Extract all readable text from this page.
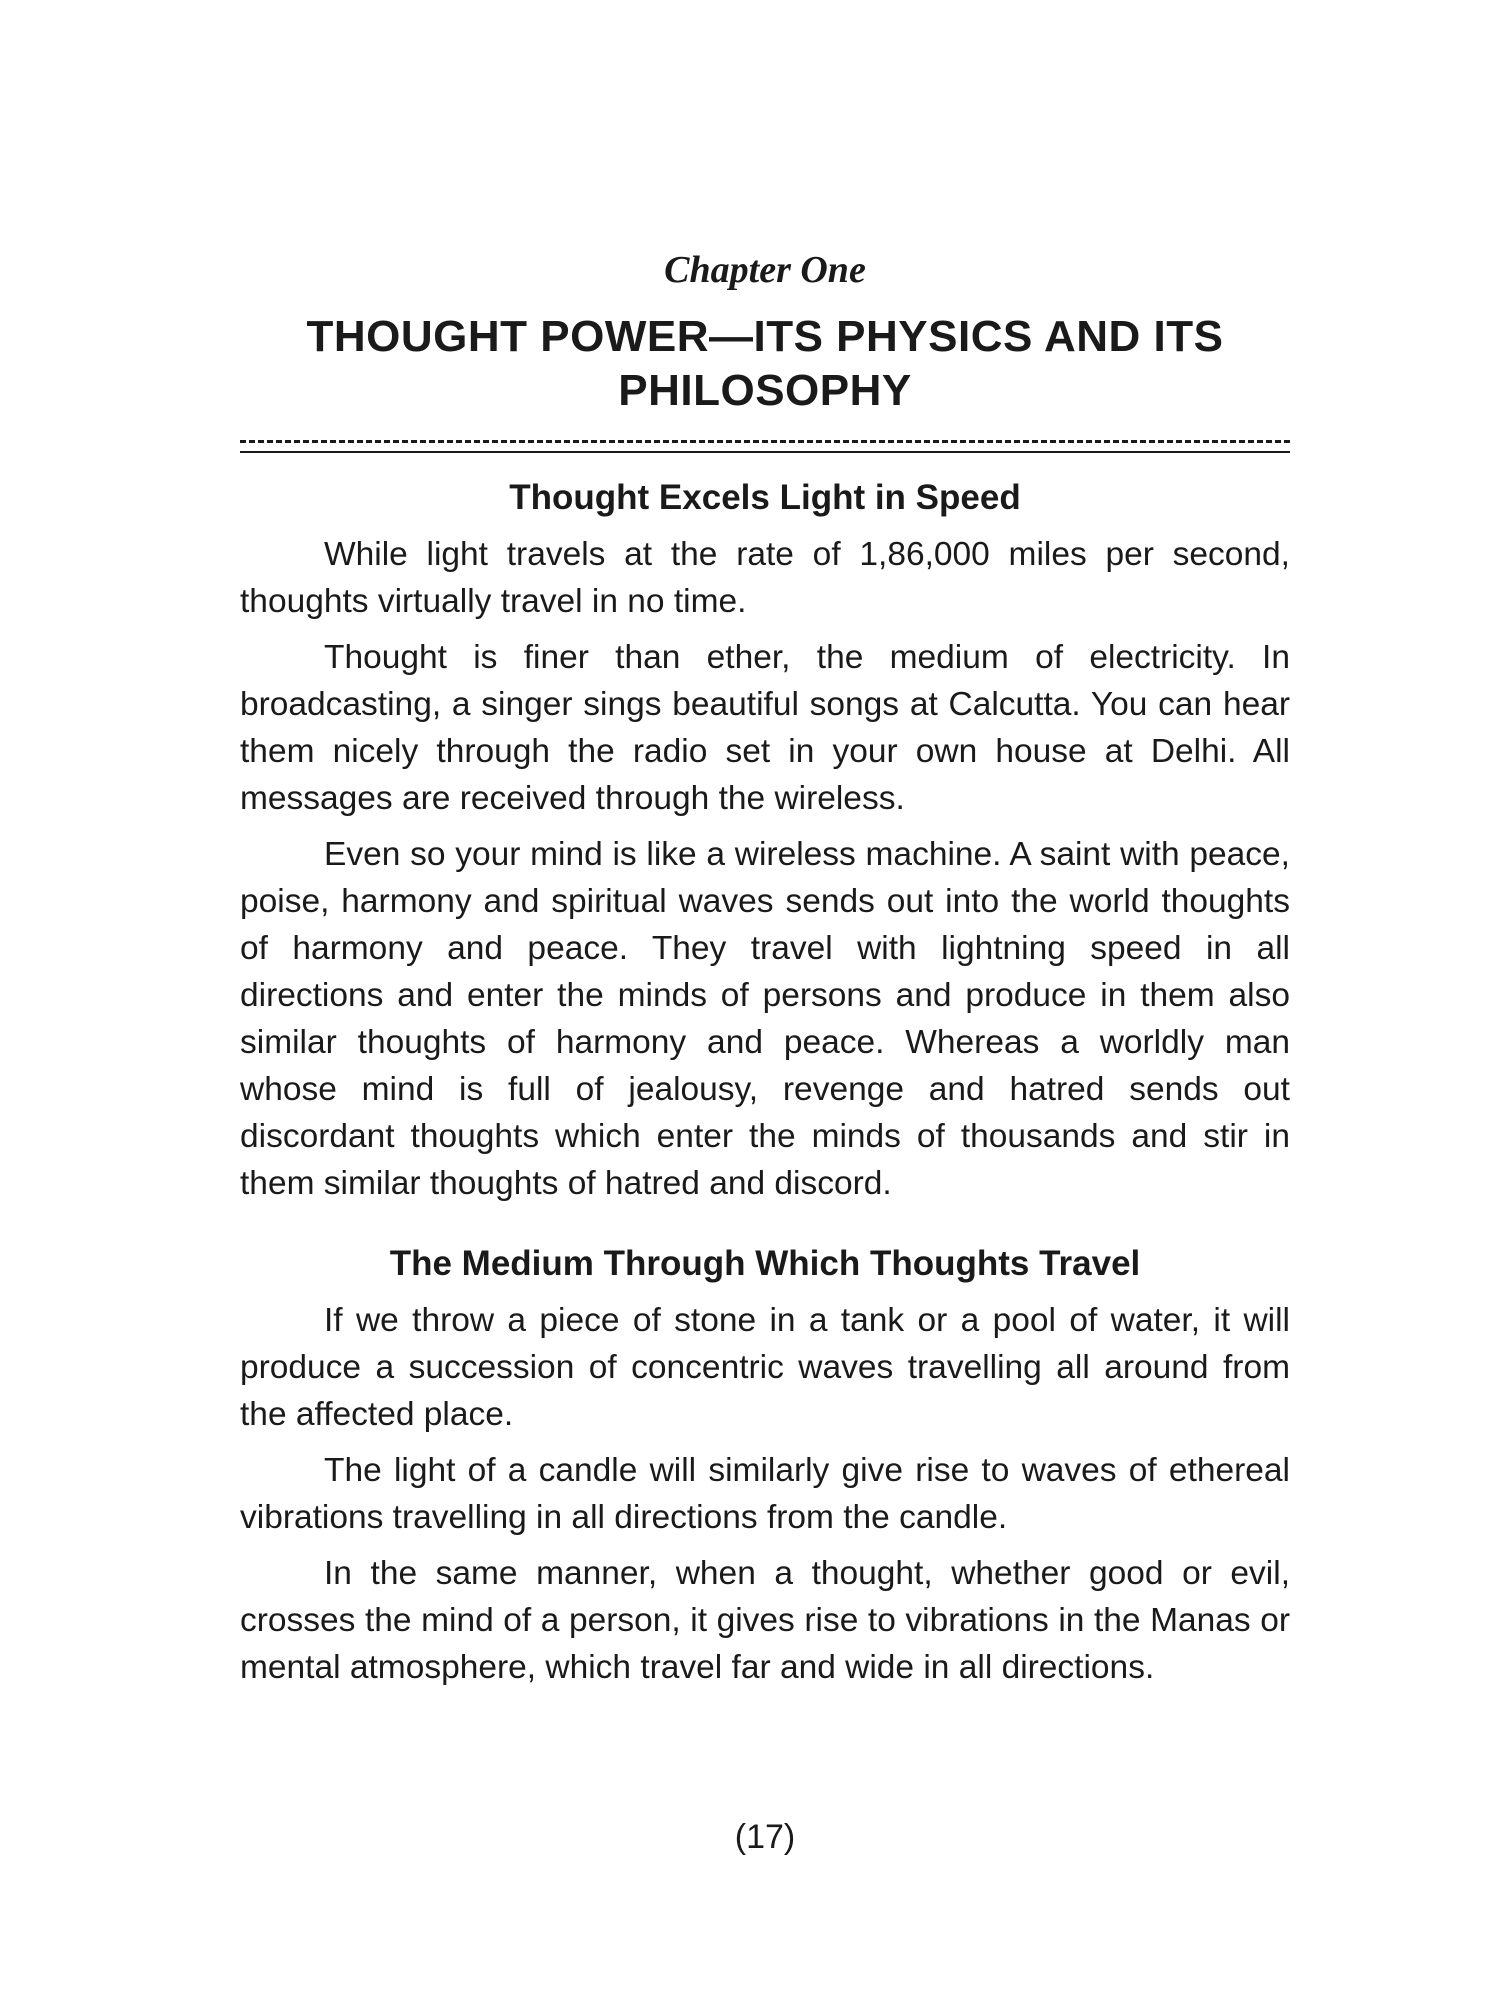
Chapter One
THOUGHT POWER—ITS PHYSICS AND ITS
PHILOSOPHY
Thought Excels Light in Speed

While light travels at the rate of 1,86,000 miles per second, thoughts virtually travel in no time.

Thought is finer than ether, the medium of electricity. In broadcasting, a singer sings beautiful songs at Calcutta. You can hear them nicely through the radio set in your own house at Delhi. All messages are received through the wireless.

Even so your mind is like a wireless machine. A saint with peace, poise, harmony and spiritual waves sends out into the world thoughts of harmony and peace. They travel with lightning speed in all directions and enter the minds of persons and produce in them also similar thoughts of harmony and peace. Whereas a worldly man whose mind is full of jealousy, revenge and hatred sends out discordant thoughts which enter the minds of thousands and stir in them similar thoughts of hatred and discord.

The Medium Through Which Thoughts Travel

If we throw a piece of stone in a tank or a pool of water, it will produce a succession of concentric waves travelling all around from the affected place.

The light of a candle will similarly give rise to waves of ethereal vibrations travelling in all directions from the candle.

In the same manner, when a thought, whether good or evil, crosses the mind of a person, it gives rise to vibrations in the Manas or mental atmosphere, which travel far and wide in all directions.

(17)
